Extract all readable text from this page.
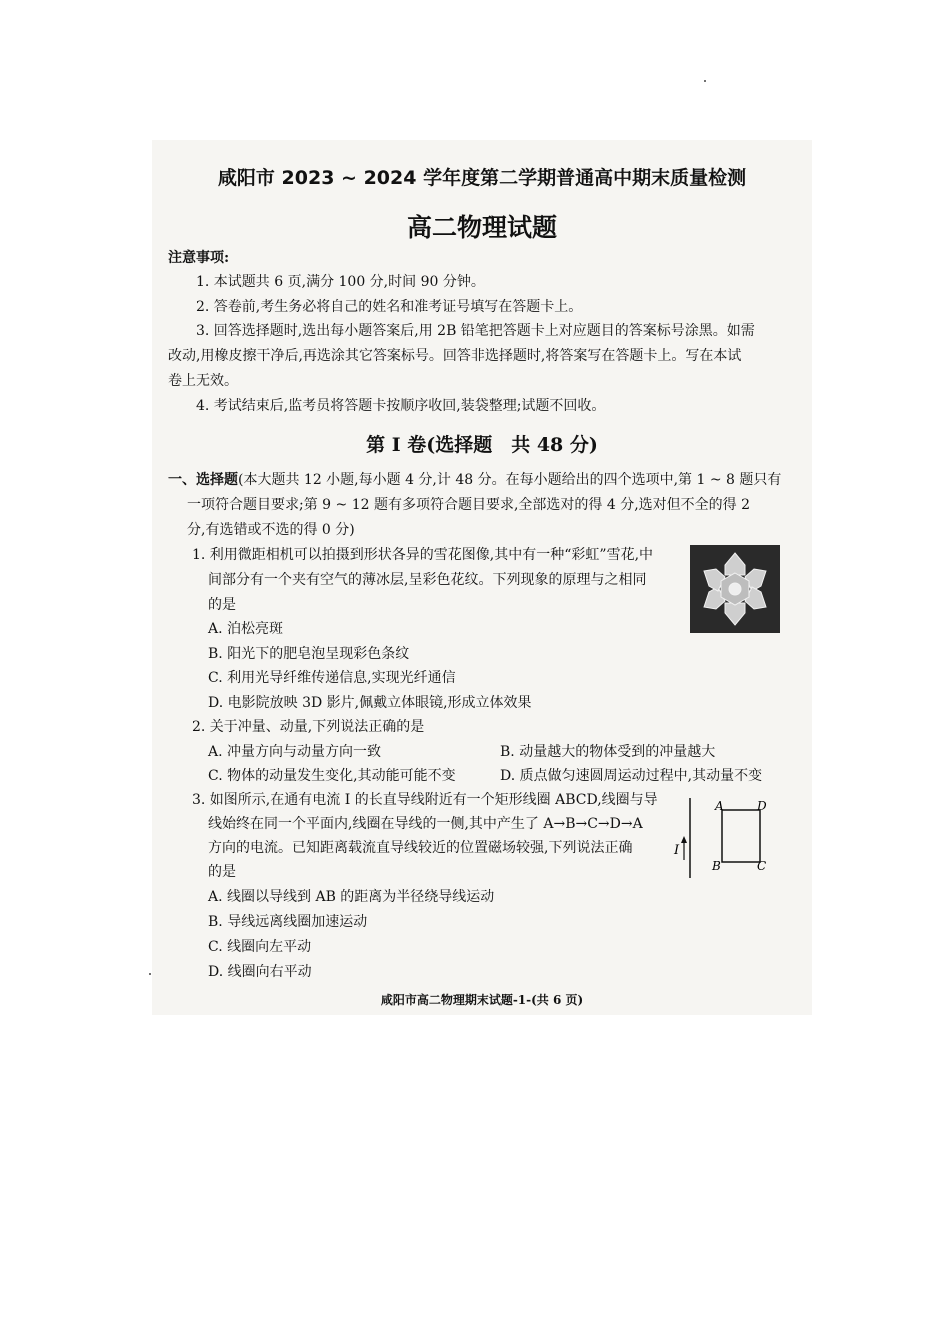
咸阳市 2023 ~ 2024 学年度第二学期普通高中期末质量检测
高二物理试题
注意事项:
1. 本试题共 6 页,满分 100 分,时间 90 分钟。
2. 答卷前,考生务必将自己的姓名和准考证号填写在答题卡上。
3. 回答选择题时,选出每小题答案后,用 2B 铅笔把答题卡上对应题目的答案标号涂黑。如需
改动,用橡皮擦干净后,再选涂其它答案标号。回答非选择题时,将答案写在答题卡上。写在本试
卷上无效。
4. 考试结束后,监考员将答题卡按顺序收回,装袋整理;试题不回收。
第 Ⅰ 卷(选择题　共 48 分)
一、选择题(本大题共 12 小题,每小题 4 分,计 48 分。在每小题给出的四个选项中,第 1 ~ 8 题只有
一项符合题目要求;第 9 ~ 12 题有多项符合题目要求,全部选对的得 4 分,选对但不全的得 2
分,有选错或不选的得 0 分)
1. 利用微距相机可以拍摄到形状各异的雪花图像,其中有一种“彩虹”雪花,中
间部分有一个夹有空气的薄冰层,呈彩色花纹。下列现象的原理与之相同
的是
A. 泊松亮斑
B. 阳光下的肥皂泡呈现彩色条纹
C. 利用光导纤维传递信息,实现光纤通信
D. 电影院放映 3D 影片,佩戴立体眼镜,形成立体效果
2. 关于冲量、动量,下列说法正确的是
A. 冲量方向与动量方向一致	B. 动量越大的物体受到的冲量越大
C. 物体的动量发生变化,其动能可能不变	D. 质点做匀速圆周运动过程中,其动量不变
3. 如图所示,在通有电流 I 的长直导线附近有一个矩形线圈 ABCD,线圈与导
线始终在同一个平面内,线圈在导线的一侧,其中产生了 A→B→C→D→A
方向的电流。已知距离载流直导线较近的位置磁场较强,下列说法正确
的是
A. 线圈以导线到 AB 的距离为半径绕导线运动
B. 导线远离线圈加速运动
C. 线圈向左平动
D. 线圈向右平动
I
A	D
B	C
咸阳市高二物理期末试题-1-(共 6 页)
